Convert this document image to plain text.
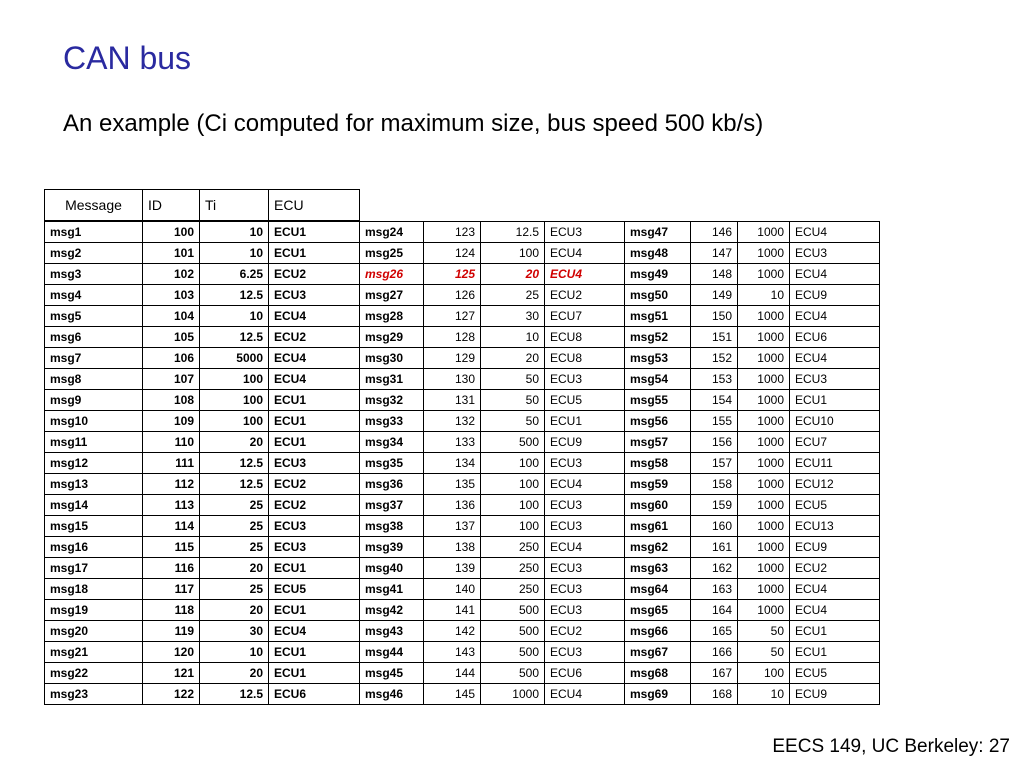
CAN bus
An example (Ci computed for maximum size, bus speed 500 kb/s)
Message	ID	Ti	ECU
msg1	100	10	ECU1
msg2	101	10	ECU1
msg3	102	6.25	ECU2
msg4	103	12.5	ECU3
msg5	104	10	ECU4
msg6	105	12.5	ECU2
msg7	106	5000	ECU4
msg8	107	100	ECU4
msg9	108	100	ECU1
msg10	109	100	ECU1
msg11	110	20	ECU1
msg12	111	12.5	ECU3
msg13	112	12.5	ECU2
msg14	113	25	ECU2
msg15	114	25	ECU3
msg16	115	25	ECU3
msg17	116	20	ECU1
msg18	117	25	ECU5
msg19	118	20	ECU1
msg20	119	30	ECU4
msg21	120	10	ECU1
msg22	121	20	ECU1
msg23	122	12.5	ECU6
msg24	123	12.5	ECU3
msg25	124	100	ECU4
msg26	125	20	ECU4
msg27	126	25	ECU2
msg28	127	30	ECU7
msg29	128	10	ECU8
msg30	129	20	ECU8
msg31	130	50	ECU3
msg32	131	50	ECU5
msg33	132	50	ECU1
msg34	133	500	ECU9
msg35	134	100	ECU3
msg36	135	100	ECU4
msg37	136	100	ECU3
msg38	137	100	ECU3
msg39	138	250	ECU4
msg40	139	250	ECU3
msg41	140	250	ECU3
msg42	141	500	ECU3
msg43	142	500	ECU2
msg44	143	500	ECU3
msg45	144	500	ECU6
msg46	145	1000	ECU4
msg47	146	1000	ECU4
msg48	147	1000	ECU3
msg49	148	1000	ECU4
msg50	149	10	ECU9
msg51	150	1000	ECU4
msg52	151	1000	ECU6
msg53	152	1000	ECU4
msg54	153	1000	ECU3
msg55	154	1000	ECU1
msg56	155	1000	ECU10
msg57	156	1000	ECU7
msg58	157	1000	ECU11
msg59	158	1000	ECU12
msg60	159	1000	ECU5
msg61	160	1000	ECU13
msg62	161	1000	ECU9
msg63	162	1000	ECU2
msg64	163	1000	ECU4
msg65	164	1000	ECU4
msg66	165	50	ECU1
msg67	166	50	ECU1
msg68	167	100	ECU5
msg69	168	10	ECU9
EECS 149, UC Berkeley: 27
